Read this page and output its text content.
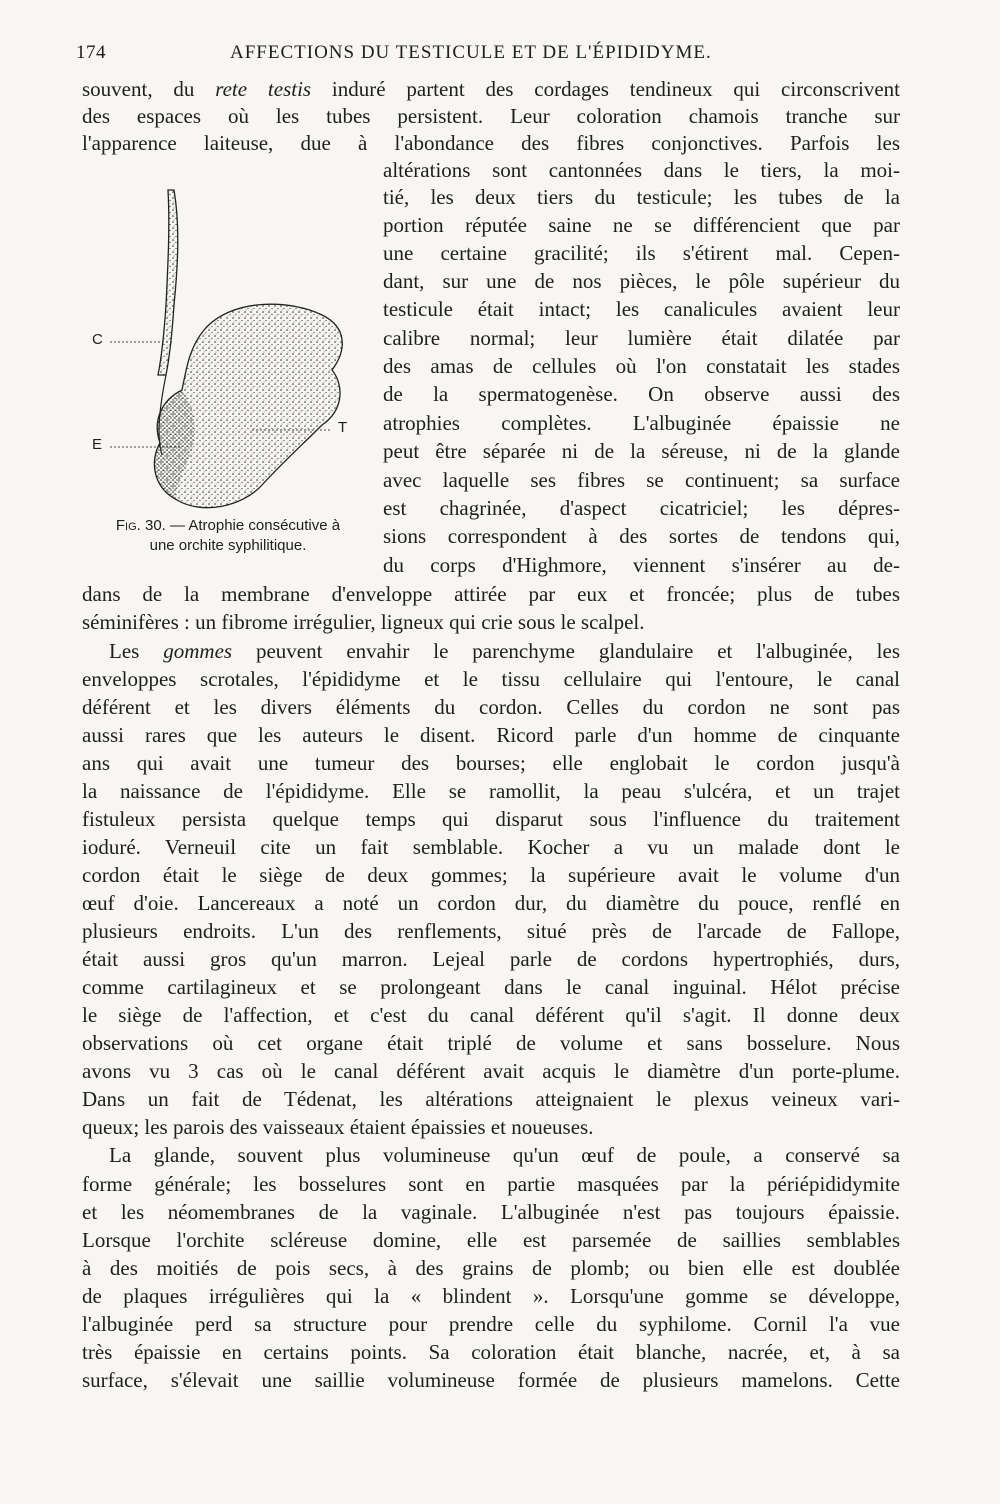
174	AFFECTIONS DU TESTICULE ET DE L'ÉPIDIDYME.
souvent, du rete testis induré partent des cordages tendineux qui circonscrivent
des espaces où les tubes persistent. Leur coloration chamois tranche sur
l'apparence laiteuse, due à l'abondance des fibres conjonctives. Parfois les
altérations sont cantonnées dans le tiers, la moi-
tié, les deux tiers du testicule; les tubes de la
portion réputée saine ne se différencient que par
une certaine gracilité; ils s'étirent mal. Cepen-
dant, sur une de nos pièces, le pôle supérieur du
testicule était intact; les canalicules avaient leur
calibre normal; leur lumière était dilatée par
des amas de cellules où l'on constatait les stades
de la spermatogenèse. On observe aussi des
atrophies complètes. L'albuginée épaissie ne
peut être séparée ni de la séreuse, ni de la glande
avec laquelle ses fibres se continuent; sa surface
est chagrinée, d'aspect cicatriciel; les dépres-
sions correspondent à des sortes de tendons qui,
du corps d'Highmore, viennent s'insérer au de-
C
E
T
Fig. 30. — Atrophie consécutive à
une orchite syphilitique.
dans de la membrane d'enveloppe attirée par eux et froncée; plus de tubes
séminifères : un fibrome irrégulier, ligneux qui crie sous le scalpel.
Les gommes peuvent envahir le parenchyme glandulaire et l'albuginée, les
enveloppes scrotales, l'épididyme et le tissu cellulaire qui l'entoure, le canal
déférent et les divers éléments du cordon. Celles du cordon ne sont pas
aussi rares que les auteurs le disent. Ricord parle d'un homme de cinquante
ans qui avait une tumeur des bourses; elle englobait le cordon jusqu'à
la naissance de l'épididyme. Elle se ramollit, la peau s'ulcéra, et un trajet
fistuleux persista quelque temps qui disparut sous l'influence du traitement
ioduré. Verneuil cite un fait semblable. Kocher a vu un malade dont le
cordon était le siège de deux gommes; la supérieure avait le volume d'un
œuf d'oie. Lancereaux a noté un cordon dur, du diamètre du pouce, renflé en
plusieurs endroits. L'un des renflements, situé près de l'arcade de Fallope,
était aussi gros qu'un marron. Lejeal parle de cordons hypertrophiés, durs,
comme cartilagineux et se prolongeant dans le canal inguinal. Hélot précise
le siège de l'affection, et c'est du canal déférent qu'il s'agit. Il donne deux
observations où cet organe était triplé de volume et sans bosselure. Nous
avons vu 3 cas où le canal déférent avait acquis le diamètre d'un porte-plume.
Dans un fait de Tédenat, les altérations atteignaient le plexus veineux vari-
queux; les parois des vaisseaux étaient épaissies et noueuses.
La glande, souvent plus volumineuse qu'un œuf de poule, a conservé sa
forme générale; les bosselures sont en partie masquées par la périépididymite
et les néomembranes de la vaginale. L'albuginée n'est pas toujours épaissie.
Lorsque l'orchite scléreuse domine, elle est parsemée de saillies semblables
à des moitiés de pois secs, à des grains de plomb; ou bien elle est doublée
de plaques irrégulières qui la « blindent ». Lorsqu'une gomme se développe,
l'albuginée perd sa structure pour prendre celle du syphilome. Cornil l'a vue
très épaissie en certains points. Sa coloration était blanche, nacrée, et, à sa
surface, s'élevait une saillie volumineuse formée de plusieurs mamelons. Cette
